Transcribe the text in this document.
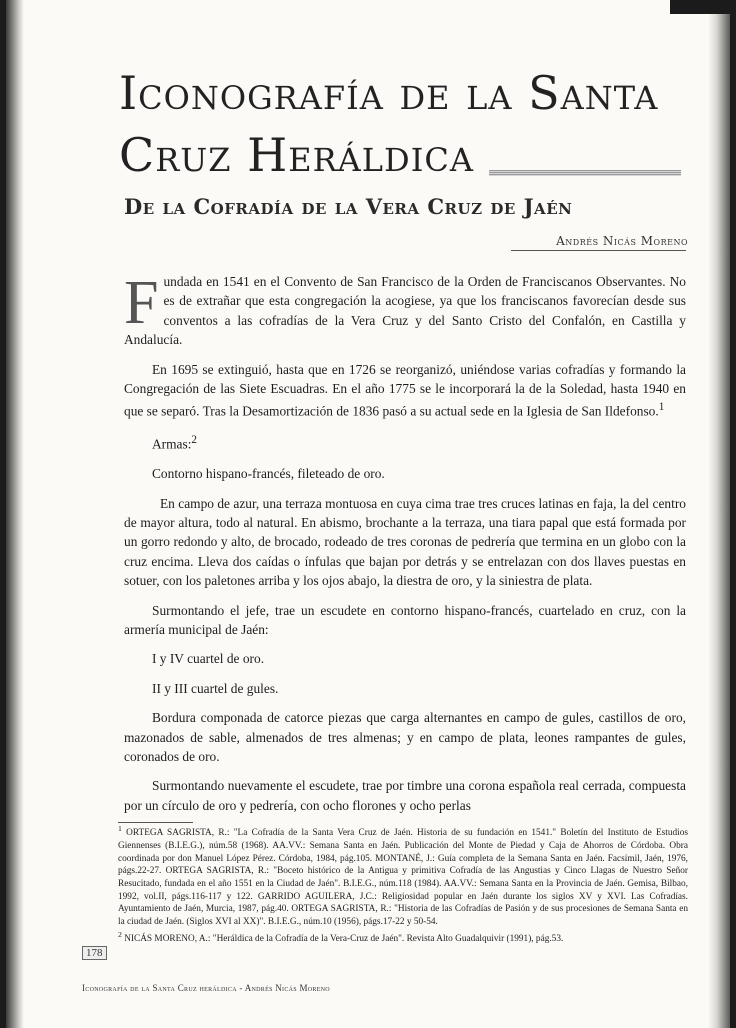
Iconografía de la Santa
Cruz Heráldica
De la Cofradía de la Vera Cruz de Jaén
Andrés Nicás Moreno

Fundada en 1541 en el Convento de San Francisco de la Orden de Franciscanos Observantes. No es de extrañar que esta congregación la acogiese, ya que los franciscanos favorecían desde sus conventos a las cofradías de la Vera Cruz y del Santo Cristo del Confalón, en Castilla y Andalucía.

En 1695 se extinguió, hasta que en 1726 se reorganizó, uniéndose varias cofradías y formando la Congregación de las Siete Escuadras. En el año 1775 se le incorporará la de la Soledad, hasta 1940 en que se separó. Tras la Desamortización de 1836 pasó a su actual sede en la Iglesia de San Ildefonso.$^1$

Armas:$^2$

Contorno hispano-francés, fileteado de oro.

En campo de azur, una terraza montuosa en cuya cima trae tres cruces latinas en faja, la del centro de mayor altura, todo al natural. En abismo, brochante a la terraza, una tiara papal que está formada por un gorro redondo y alto, de brocado, rodeado de tres coronas de pedrería que termina en un globo con la cruz encima. Lleva dos caídas o ínfulas que bajan por detrás y se entrelazan con dos llaves puestas en sotuer, con los paletones arriba y los ojos abajo, la diestra de oro, y la siniestra de plata.

Surmontando el jefe, trae un escudete en contorno hispano-francés, cuartelado en cruz, con la armería municipal de Jaén:

I y IV cuartel de oro.

II y III cuartel de gules.

Bordura componada de catorce piezas que carga alternantes en campo de gules, castillos de oro, mazonados de sable, almenados de tres almenas; y en campo de plata, leones rampantes de gules, coronados de oro.

Surmontando nuevamente el escudete, trae por timbre una corona española real cerrada, compuesta por un círculo de oro y pedrería, con ocho florones y ocho perlas

$^1$ ORTEGA SAGRISTA, R.: "La Cofradía de la Santa Vera Cruz de Jaén. Historia de su fundación en 1541." Boletín del Instituto de Estudios Giennenses (B.I.E.G.), núm.58 (1968). AA.VV.: Semana Santa en Jaén. Publicación del Monte de Piedad y Caja de Ahorros de Córdoba. Obra coordinada por don Manuel López Pérez. Córdoba, 1984, pág.105. MONTANÉ, J.: Guía completa de la Semana Santa en Jaén. Facsímil, Jaén, 1976, págs.22-27. ORTEGA SAGRISTA, R.: "Boceto histórico de la Antigua y primitiva Cofradía de las Angustias y Cinco Llagas de Nuestro Señor Resucitado, fundada en el año 1551 en la Ciudad de Jaén". B.I.E.G., núm.118 (1984). AA.VV.: Semana Santa en la Provincia de Jaén. Gemisa, Bilbao, 1992, vol.II, págs.116-117 y 122. GARRIDO AGUILERA, J.C.: Religiosidad popular en Jaén durante los siglos XV y XVI. Las Cofradías. Ayuntamiento de Jaén, Murcia, 1987, pág.40. ORTEGA SAGRISTA, R.: "Historia de las Cofradías de Pasión y de sus procesiones de Semana Santa en la ciudad de Jaén. (Siglos XVI al XX)". B.I.E.G., núm.10 (1956), págs.17-22 y 50-54.

$^2$ NICÁS MORENO, A.: "Heráldica de la Cofradía de la Vera-Cruz de Jaén". Revista Alto Guadalquivir (1991), pág.53.

178
Iconografía de la Santa Cruz heráldica - Andrés Nicás Moreno
